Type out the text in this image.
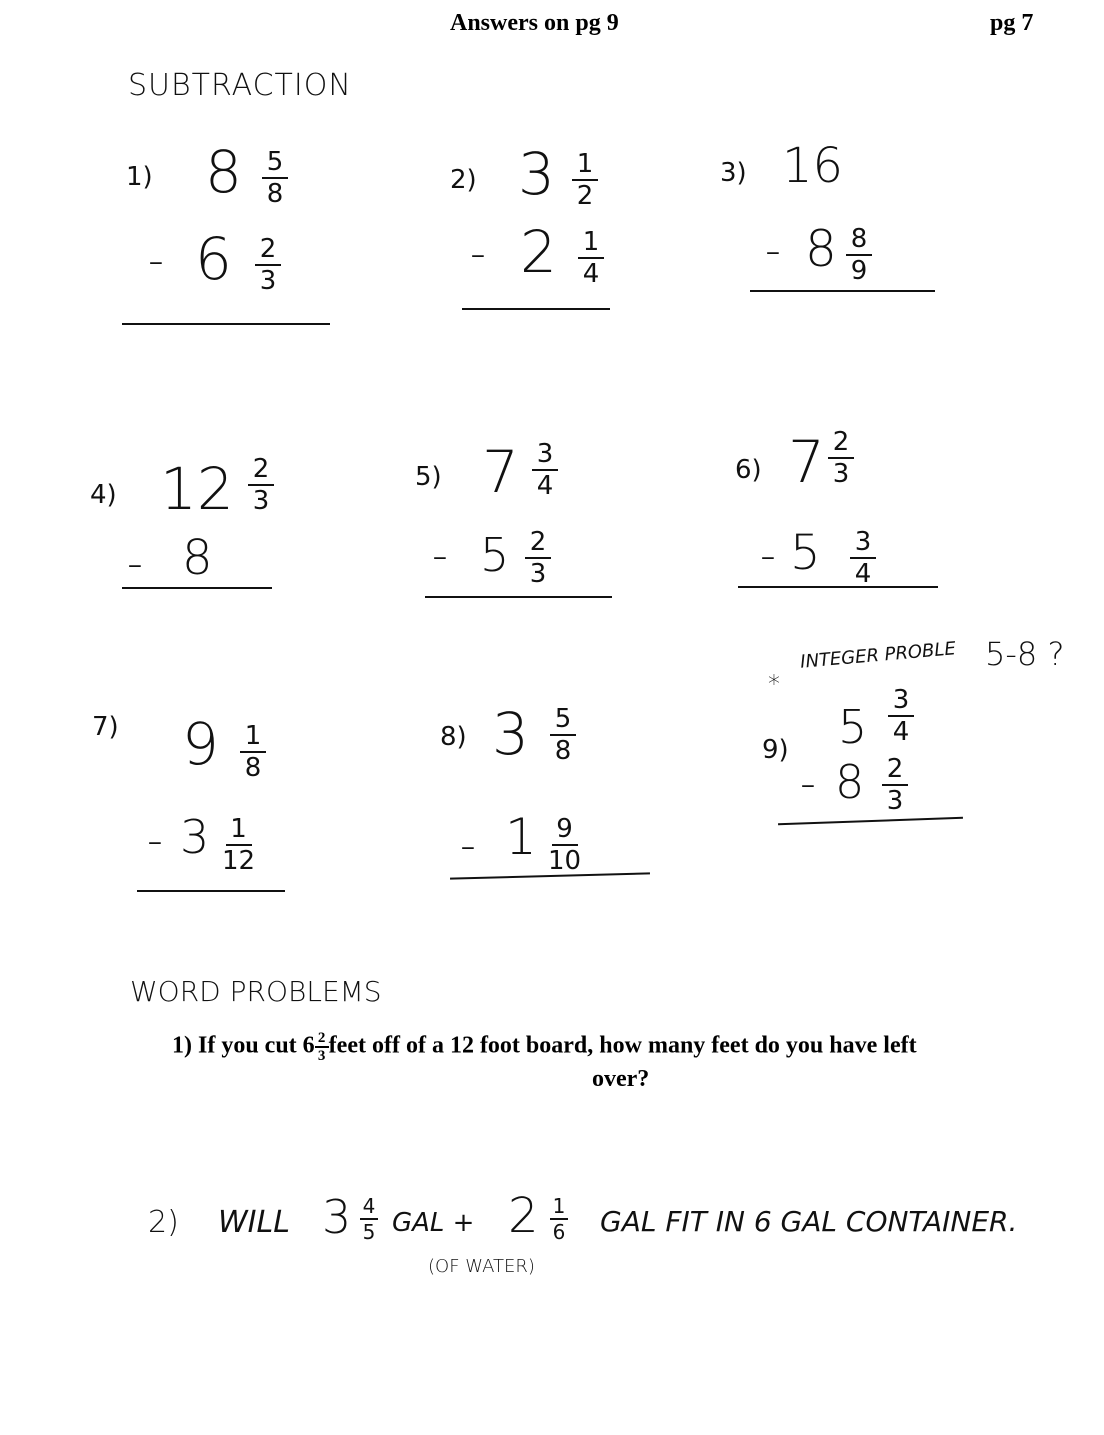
Answers on pg 9	pg 7
SUBTRACTION
1) 8 5
8
- 6 2
3
2) 3 1
2
- 2 1
4
3) 16
- 8 8
9
4) 12 2
3
- 8
5) 7 3
4
- 5 2
3
6) 7 2
3
- 5 3
4
INTEGER PROBLE 5-8 ?
*
7) 9 1
8
- 3 1
12
8) 3 5
8
- 1 9
10
9) 5 3
4
- 8 2
3
WORD PROBLEMS
1) If you cut $6 \frac{2}{3}$ feet off of a 12 foot board, how many feet do you have left
over?
2) WILL 3 4
5 GAL + 2 1
6 GAL FIT IN 6 GAL CONTAINER.
(OF WATER)
